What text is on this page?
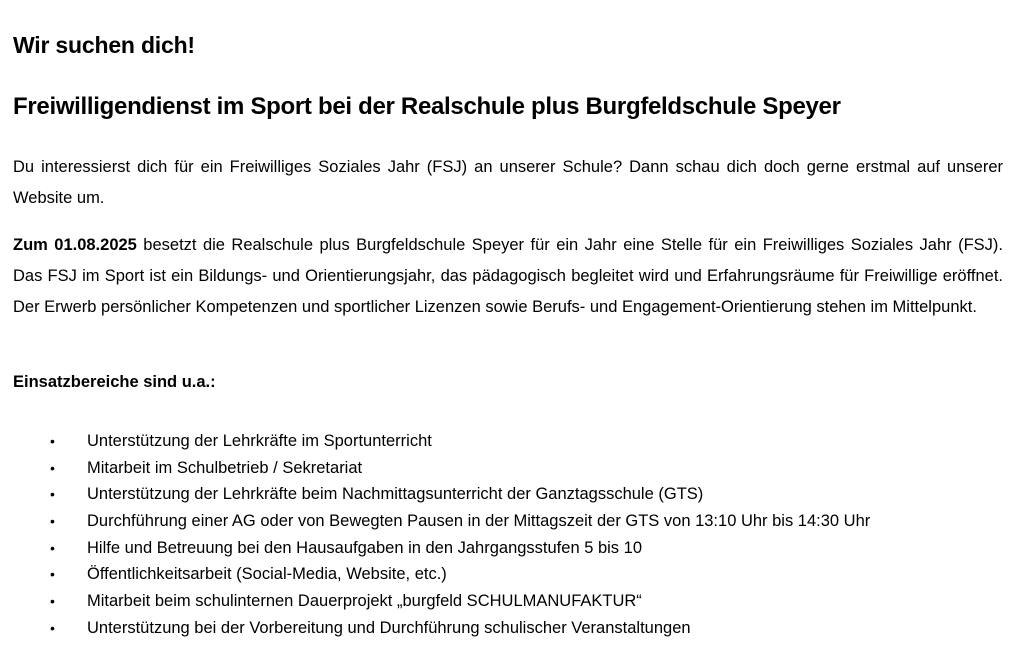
Wir suchen dich!
Freiwilligendienst im Sport bei der Realschule plus Burgfeldschule Speyer

Du interessierst dich für ein Freiwilliges Soziales Jahr (FSJ) an unserer Schule? Dann schau dich doch gerne erstmal auf unserer Website um.

Zum 01.08.2025 besetzt die Realschule plus Burgfeldschule Speyer für ein Jahr eine Stelle für ein Freiwilliges Soziales Jahr (FSJ). Das FSJ im Sport ist ein Bildungs- und Orientierungsjahr, das pädagogisch begleitet wird und Erfahrungsräume für Freiwillige eröffnet. Der Erwerb persönlicher Kompetenzen und sportlicher Lizenzen sowie Berufs- und Engagement-Orientierung stehen im Mittelpunkt.

Einsatzbereiche sind u.a.:

• Unterstützung der Lehrkräfte im Sportunterricht
• Mitarbeit im Schulbetrieb / Sekretariat
• Unterstützung der Lehrkräfte beim Nachmittagsunterricht der Ganztagsschule (GTS)
• Durchführung einer AG oder von Bewegten Pausen in der Mittagszeit der GTS von 13:10 Uhr bis 14:30 Uhr
• Hilfe und Betreuung bei den Hausaufgaben in den Jahrgangsstufen 5 bis 10
• Öffentlichkeitsarbeit (Social-Media, Website, etc.)
• Mitarbeit beim schulinternen Dauerprojekt „burgfeld SCHULMANUFAKTUR“
• Unterstützung bei der Vorbereitung und Durchführung schulischer Veranstaltungen
